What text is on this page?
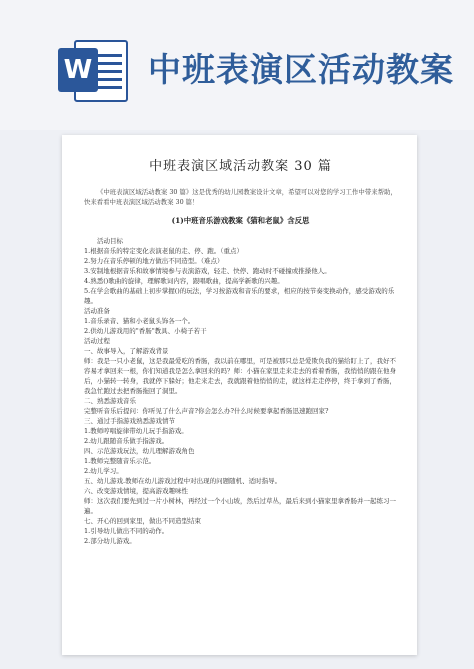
W 中班表演区活动教案
中班表演区域活动教案 30 篇
《中班表演区域活动教案 30 篇》这是优秀的幼儿园教案设计文章，希望可以对您的学习工作中带来帮助，快来看看中班表演区域活动教案 30 篇！
(1)中班音乐游戏教案《猫和老鼠》含反思
活动目标
1.根据音乐的特定变化表演老鼠的走、停、跑。（重点）
2.努力在音乐停顿的地方做出不同造型。（难点）
3.安制地根据音乐和故事情境参与表演游戏，轻走、快停、跑动时不碰撞或推搡他人。
4.熟悉()歌曲的旋律，理解歌词内容，跟唱歌曲，提高学新歌的兴趣。
5.在学会歌曲的基础上初步掌握()的玩法，学习按游戏和音乐的要求，相应的按节奏变换动作，感受游戏的乐趣。
活动准备
1.音乐录音、猫和小老鼠头饰各一个。
2.供幼儿游戏用的"香肠"教具、小椅子若干
活动过程
一、故事导入，了解游戏背景
师：我是一只小老鼠，这是我最爱吃的香肠，我以前在哪里，可是被那只总是爱欺负我的猫给盯上了，我好不容易才拿回来一根，你们知道我是怎么拿回来的吗？师：小猫在家里走来走去的看着香肠，我悄悄的跟在他身后，小猫转一转身，我就停下躲好；他走来走去，我就跟着他悄悄的走，就这样走走停停，终于拿到了香肠，我急忙跑过去把香肠拖回了洞里。
二、熟悉游戏音乐
完整听音乐后提问：你听见了什么声音?你会怎么办?什么时候要拿起香肠迅速跑回家?
三、通过手指游戏熟悉游戏情节
1.教师哼唱旋律带幼儿玩手指游戏。
2.幼儿跟随音乐做手指游戏。
四、示范游戏玩法，幼儿理解游戏角色
1.教师完整随音乐示范。
2.幼儿学习。
五、幼儿游戏.教师在幼儿游戏过程中对出现的问题随机、适时指导。
六、改变游戏情境，提高游戏趣味性
师：这次我们要先到过一片小树林，再经过一个小山坡，然后过草丛，最后来到小猫家里拿香肠并一起练习一遍。
七、开心的回到家里，做出不同造型结束
1.引导幼儿做出不同的动作。
2.部分幼儿游戏。
